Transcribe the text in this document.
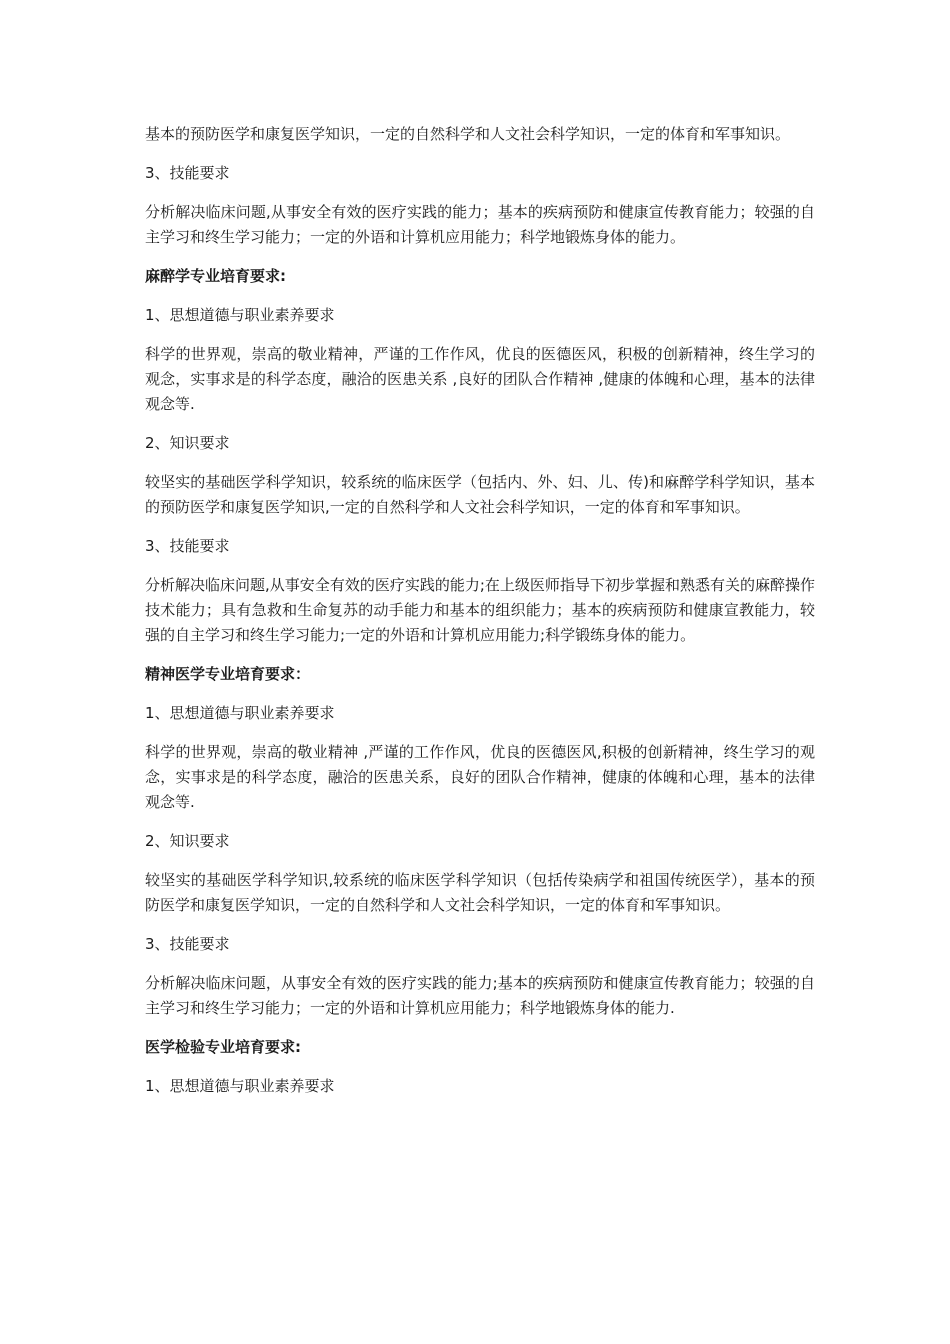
基本的预防医学和康复医学知识，一定的自然科学和人文社会科学知识，一定的体育和军事知识。

3、技能要求

分析解决临床问题,从事安全有效的医疗实践的能力；基本的疾病预防和健康宣传教育能力；较强的自主学习和终生学习能力；一定的外语和计算机应用能力；科学地锻炼身体的能力。

麻醉学专业培育要求:

1、思想道德与职业素养要求

科学的世界观，崇高的敬业精神，严谨的工作作风，优良的医德医风，积极的创新精神，终生学习的观念，实事求是的科学态度，融洽的医患关系 ,良好的团队合作精神 ,健康的体魄和心理，基本的法律观念等.

2、知识要求

较坚实的基础医学科学知识，较系统的临床医学（包括内、外、妇、儿、传)和麻醉学科学知识，基本的预防医学和康复医学知识,一定的自然科学和人文社会科学知识，一定的体育和军事知识。

3、技能要求

分析解决临床问题,从事安全有效的医疗实践的能力;在上级医师指导下初步掌握和熟悉有关的麻醉操作技术能力；具有急救和生命复苏的动手能力和基本的组织能力；基本的疾病预防和健康宣教能力，较强的自主学习和终生学习能力;一定的外语和计算机应用能力;科学锻练身体的能力。

精神医学专业培育要求：

1、思想道德与职业素养要求

科学的世界观，崇高的敬业精神 ,严谨的工作作风，优良的医德医风,积极的创新精神，终生学习的观念，实事求是的科学态度，融洽的医患关系，良好的团队合作精神，健康的体魄和心理，基本的法律观念等.

2、知识要求

较坚实的基础医学科学知识,较系统的临床医学科学知识（包括传染病学和祖国传统医学），基本的预防医学和康复医学知识，一定的自然科学和人文社会科学知识，一定的体育和军事知识。

3、技能要求

分析解决临床问题，从事安全有效的医疗实践的能力;基本的疾病预防和健康宣传教育能力；较强的自主学习和终生学习能力；一定的外语和计算机应用能力；科学地锻炼身体的能力.

医学检验专业培育要求:

1、思想道德与职业素养要求
